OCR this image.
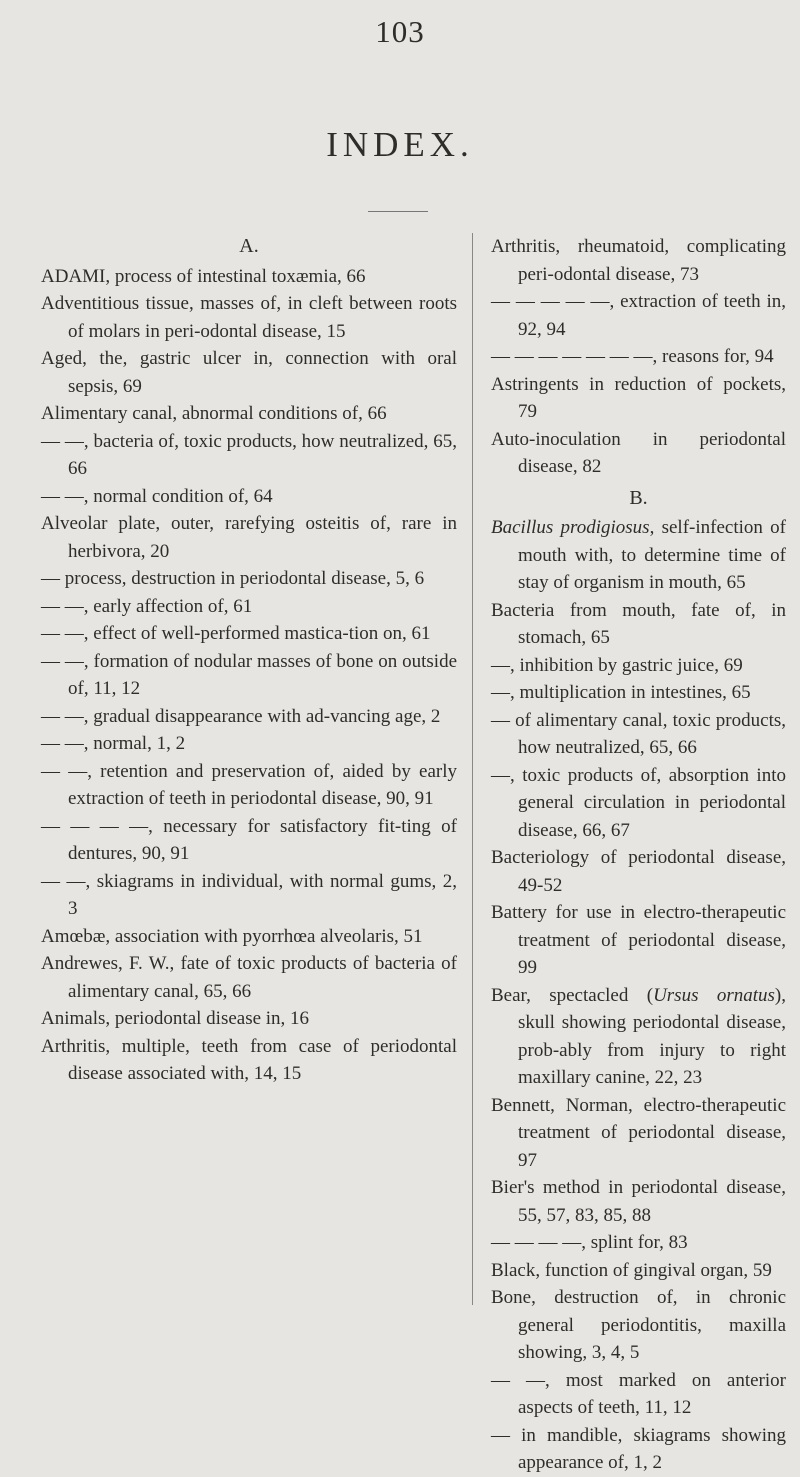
103
INDEX.

A.

ADAMI, process of intestinal toxæmia, 66

Adventitious tissue, masses of, in cleft between roots of molars in peri-odontal disease, 15

Aged, the, gastric ulcer in, connection with oral sepsis, 69

Alimentary canal, abnormal conditions of, 66

— —, bacteria of, toxic products, how neutralized, 65, 66

— —, normal condition of, 64

Alveolar plate, outer, rarefying osteitis of, rare in herbivora, 20

— process, destruction in periodontal disease, 5, 6

— —, early affection of, 61

— —, effect of well-performed mastica-tion on, 61

— —, formation of nodular masses of bone on outside of, 11, 12

— —, gradual disappearance with ad-vancing age, 2

— —, normal, 1, 2

— —, retention and preservation of, aided by early extraction of teeth in periodontal disease, 90, 91

— — — —, necessary for satisfactory fit-ting of dentures, 90, 91

— —, skiagrams in individual, with normal gums, 2, 3

Amœbæ, association with pyorrhœa alveolaris, 51

Andrewes, F. W., fate of toxic products of bacteria of alimentary canal, 65, 66

Animals, periodontal disease in, 16

Arthritis, multiple, teeth from case of periodontal disease associated with, 14, 15

Arthritis, rheumatoid, complicating peri-odontal disease, 73

— — — — —, extraction of teeth in, 92, 94

— — — — — — —, reasons for, 94

Astringents in reduction of pockets, 79

Auto-inoculation in periodontal disease, 82

B.

Bacillus prodigiosus, self-infection of mouth with, to determine time of stay of organism in mouth, 65

Bacteria from mouth, fate of, in stomach, 65

—, inhibition by gastric juice, 69

—, multiplication in intestines, 65

— of alimentary canal, toxic products, how neutralized, 65, 66

—, toxic products of, absorption into general circulation in periodontal disease, 66, 67

Bacteriology of periodontal disease, 49-52

Battery for use in electro-therapeutic treatment of periodontal disease, 99

Bear, spectacled (Ursus ornatus), skull showing periodontal disease, prob-ably from injury to right maxillary canine, 22, 23

Bennett, Norman, electro-therapeutic treatment of periodontal disease, 97

Bier's method in periodontal disease, 55, 57, 83, 85, 88

— — — —, splint for, 83

Black, function of gingival organ, 59

Bone, destruction of, in chronic general periodontitis, maxilla showing, 3, 4, 5

— —, most marked on anterior aspects of teeth, 11, 12

— in mandible, skiagrams showing appearance of, 1, 2
